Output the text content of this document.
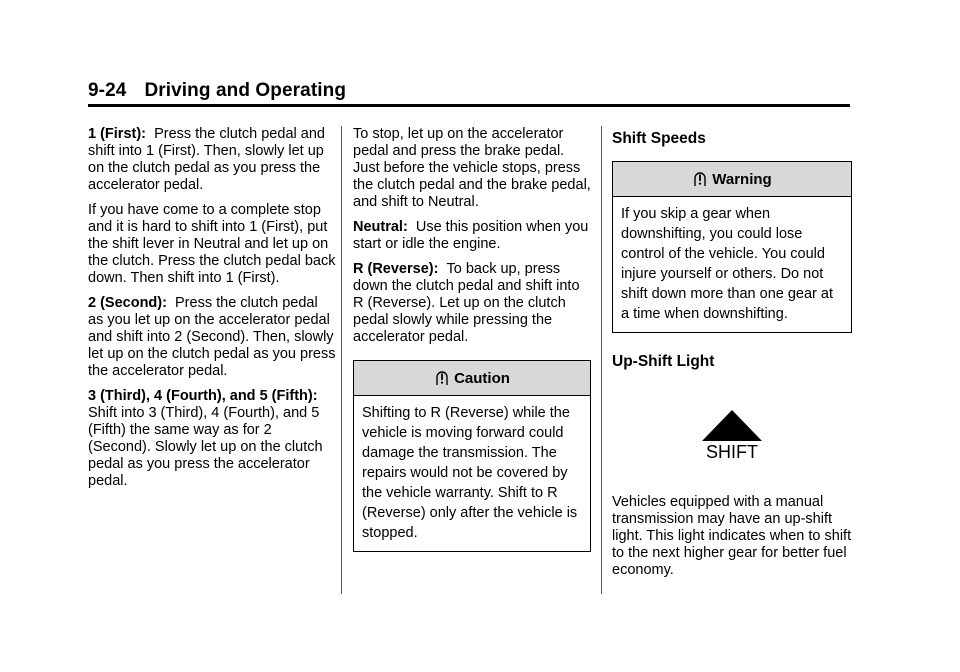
9-24 Driving and Operating

1 (First): Press the clutch pedal and shift into 1 (First). Then, slowly let up on the clutch pedal as you press the accelerator pedal.

If you have come to a complete stop and it is hard to shift into 1 (First), put the shift lever in Neutral and let up on the clutch. Press the clutch pedal back down. Then shift into 1 (First).

2 (Second): Press the clutch pedal as you let up on the accelerator pedal and shift into 2 (Second). Then, slowly let up on the clutch pedal as you press the accelerator pedal.

3 (Third), 4 (Fourth), and 5 (Fifth):
Shift into 3 (Third), 4 (Fourth), and 5 (Fifth) the same way as for 2 (Second). Slowly let up on the clutch pedal as you press the accelerator pedal.

To stop, let up on the accelerator pedal and press the brake pedal. Just before the vehicle stops, press the clutch pedal and the brake pedal, and shift to Neutral.

Neutral: Use this position when you start or idle the engine.

R (Reverse): To back up, press down the clutch pedal and shift into R (Reverse). Let up on the clutch pedal slowly while pressing the accelerator pedal.

Caution
Shifting to R (Reverse) while the vehicle is moving forward could damage the transmission. The repairs would not be covered by the vehicle warranty. Shift to R (Reverse) only after the vehicle is stopped.
Shift Speeds
Warning
If you skip a gear when downshifting, you could lose control of the vehicle. You could injure yourself or others. Do not shift down more than one gear at a time when downshifting.
Up-Shift Light
SHIFT

Vehicles equipped with a manual transmission may have an up-shift light. This light indicates when to shift to the next higher gear for better fuel economy.
